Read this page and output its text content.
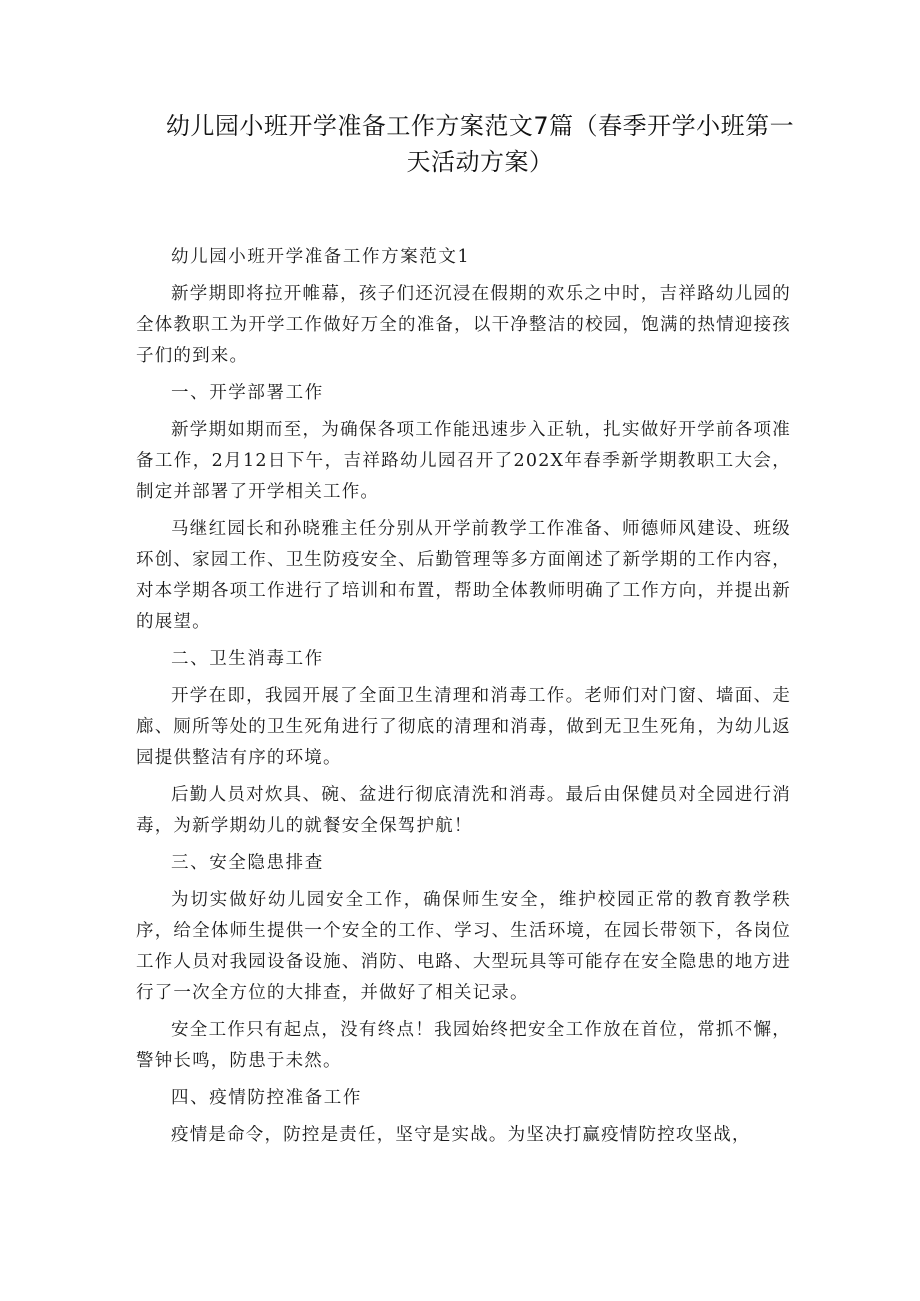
幼儿园小班开学准备工作方案范文7篇（春季开学小班第一
天活动方案）

幼儿园小班开学准备工作方案范文1

新学期即将拉开帷幕，孩子们还沉浸在假期的欢乐之中时，吉祥路幼儿园的全体教职工为开学工作做好万全的准备，以干净整洁的校园，饱满的热情迎接孩子们的到来。

一、开学部署工作

新学期如期而至，为确保各项工作能迅速步入正轨，扎实做好开学前各项准备工作，2月12日下午，吉祥路幼儿园召开了202X年春季新学期教职工大会，制定并部署了开学相关工作。

马继红园长和孙晓雅主任分别从开学前教学工作准备、师德师风建设、班级环创、家园工作、卫生防疫安全、后勤管理等多方面阐述了新学期的工作内容，对本学期各项工作进行了培训和布置，帮助全体教师明确了工作方向，并提出新的展望。

二、卫生消毒工作

开学在即，我园开展了全面卫生清理和消毒工作。老师们对门窗、墙面、走廊、厕所等处的卫生死角进行了彻底的清理和消毒，做到无卫生死角，为幼儿返园提供整洁有序的环境。

后勤人员对炊具、碗、盆进行彻底清洗和消毒。最后由保健员对全园进行消毒，为新学期幼儿的就餐安全保驾护航！

三、安全隐患排查

为切实做好幼儿园安全工作，确保师生安全，维护校园正常的教育教学秩序，给全体师生提供一个安全的工作、学习、生活环境，在园长带领下，各岗位工作人员对我园设备设施、消防、电路、大型玩具等可能存在安全隐患的地方进行了一次全方位的大排查，并做好了相关记录。

安全工作只有起点，没有终点！我园始终把安全工作放在首位，常抓不懈，警钟长鸣，防患于未然。

四、疫情防控准备工作

疫情是命令，防控是责任，坚守是实战。为坚决打赢疫情防控攻坚战，
